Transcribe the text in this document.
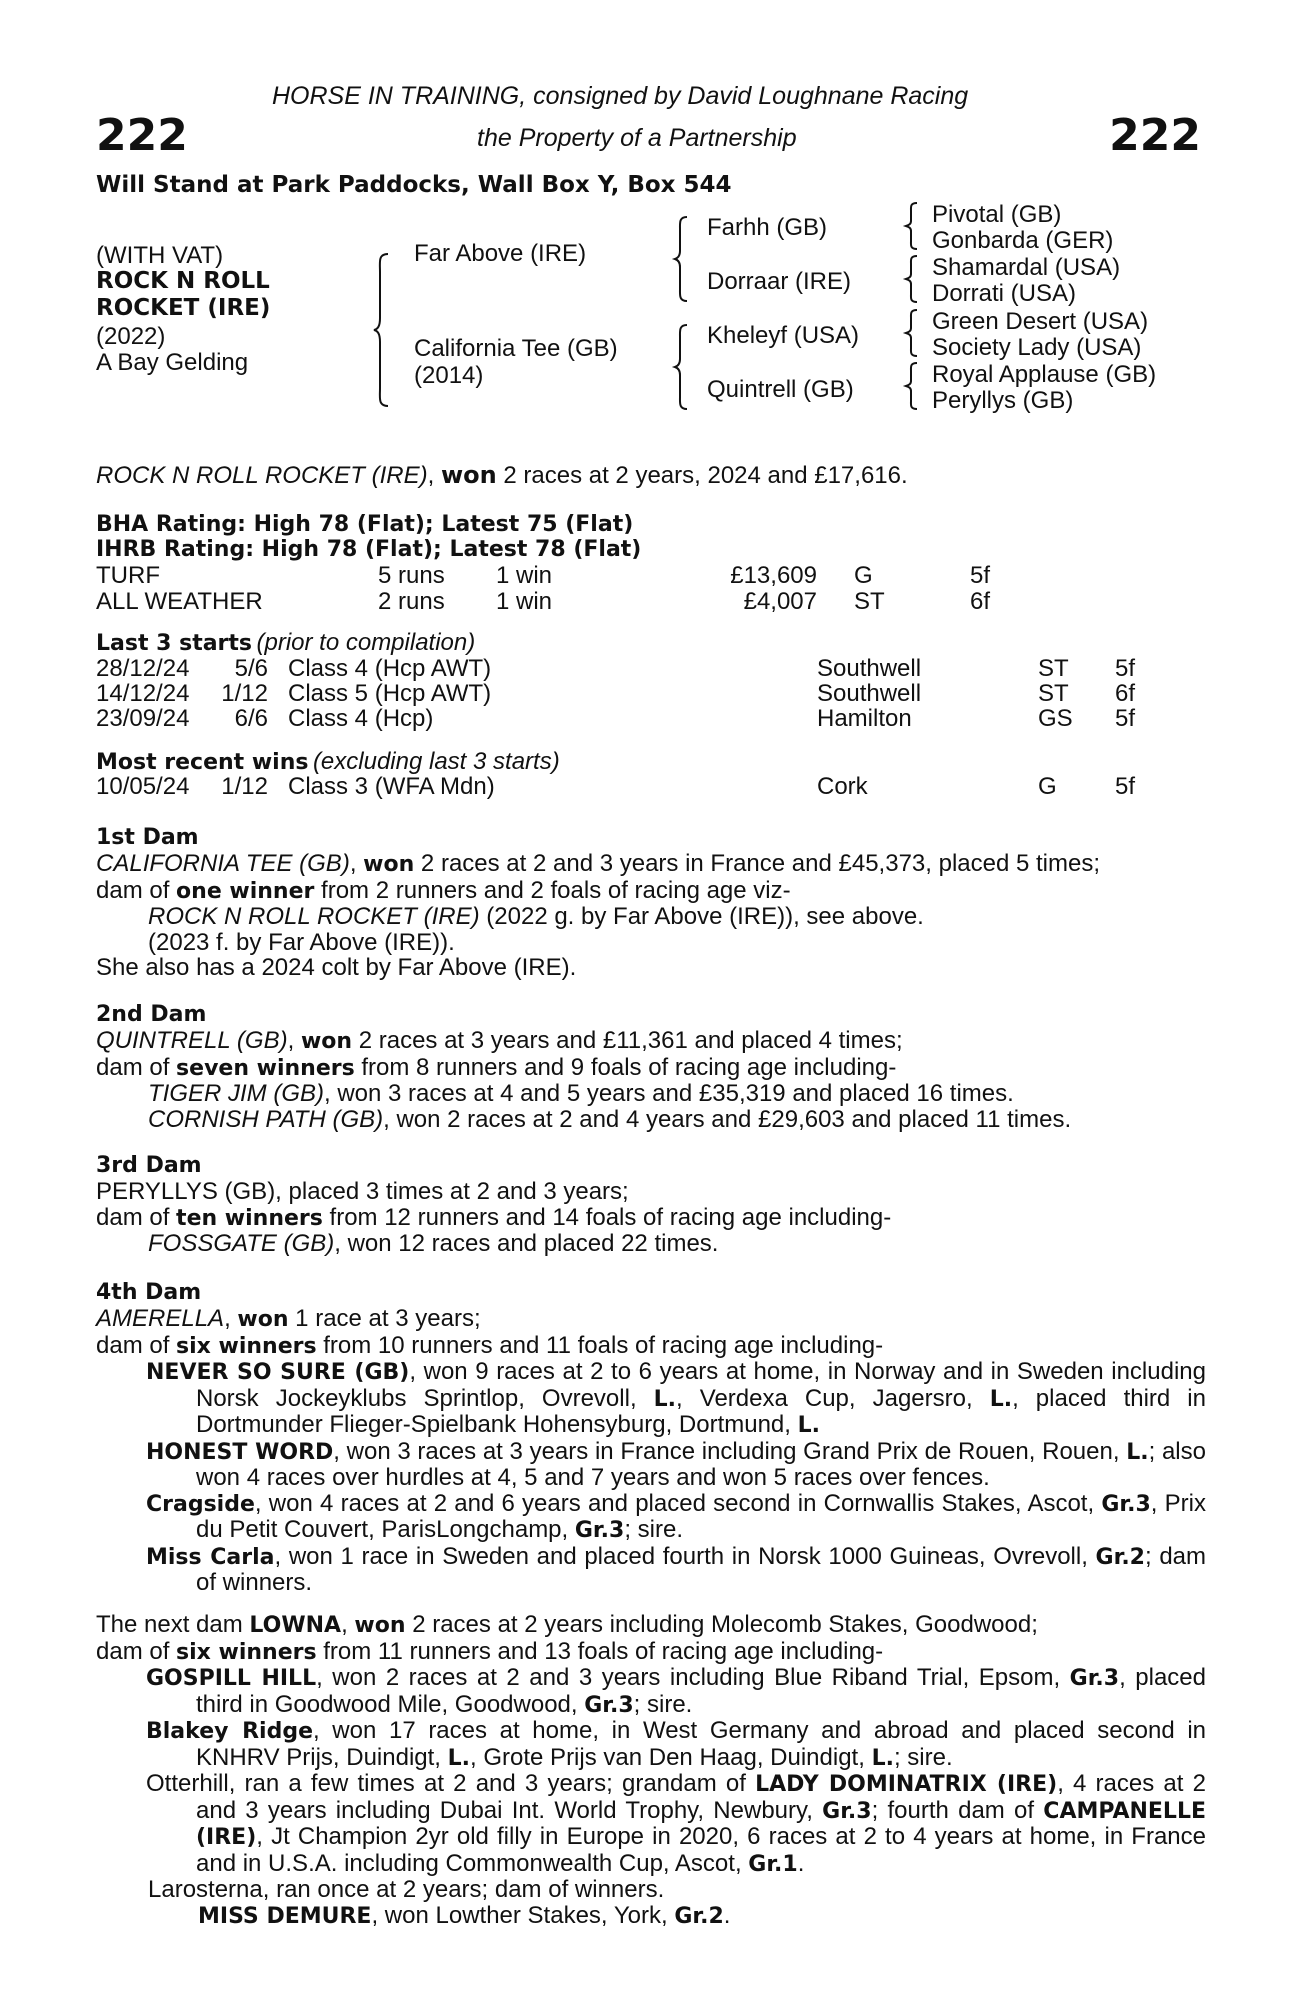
222	222
HORSE IN TRAINING, consigned by David Loughnane Racing
the Property of a Partnership
Will Stand at Park Paddocks, Wall Box Y, Box 544
(WITH VAT)
ROCK N ROLL
ROCKET (IRE)
(2022)
A Bay Gelding
Far Above (IRE)
California Tee (GB)
(2014)
Farhh (GB)
Dorraar (IRE)
Kheleyf (USA)
Quintrell (GB)
Pivotal (GB)
Gonbarda (GER)
Shamardal (USA)
Dorrati (USA)
Green Desert (USA)
Society Lady (USA)
Royal Applause (GB)
Peryllys (GB)
ROCK N ROLL ROCKET (IRE), won 2 races at 2 years, 2024 and £17,616.
BHA Rating: High 78 (Flat); Latest 75 (Flat)
IHRB Rating: High 78 (Flat); Latest 78 (Flat)
TURF	5 runs 1 win	£13,609 G	5f
ALL WEATHER	2 runs 1 win	£4,007 ST	6f
Last 3 starts (prior to compilation)
28/12/24 5/6 Class 4 (Hcp AWT)	Southwell	ST 5f
14/12/24 1/12 Class 5 (Hcp AWT)	Southwell	ST 6f
23/09/24 6/6 Class 4 (Hcp)	Hamilton	GS 5f
Most recent wins (excluding last 3 starts)
10/05/24 1/12 Class 3 (WFA Mdn)	Cork	G 5f

1st Dam

CALIFORNIA TEE (GB), won 2 races at 2 and 3 years in France and £45,373, placed 5 times;

dam of one winner from 2 runners and 2 foals of racing age viz-

ROCK N ROLL ROCKET (IRE) (2022 g. by Far Above (IRE)), see above.

(2023 f. by Far Above (IRE)).

She also has a 2024 colt by Far Above (IRE).

2nd Dam

QUINTRELL (GB), won 2 races at 3 years and £11,361 and placed 4 times;

dam of seven winners from 8 runners and 9 foals of racing age including-

TIGER JIM (GB), won 3 races at 4 and 5 years and £35,319 and placed 16 times.

CORNISH PATH (GB), won 2 races at 2 and 4 years and £29,603 and placed 11 times.

3rd Dam

PERYLLYS (GB), placed 3 times at 2 and 3 years;

dam of ten winners from 12 runners and 14 foals of racing age including-

FOSSGATE (GB), won 12 races and placed 22 times.

4th Dam

AMERELLA, won 1 race at 3 years;

dam of six winners from 10 runners and 11 foals of racing age including-

NEVER SO SURE (GB), won 9 races at 2 to 6 years at home, in Norway and in Sweden including Norsk Jockeyklubs Sprintlop, Ovrevoll, L., Verdexa Cup, Jagersro, L., placed third in Dortmunder Flieger-Spielbank Hohensyburg, Dortmund, L.

HONEST WORD, won 3 races at 3 years in France including Grand Prix de Rouen, Rouen, L.; also won 4 races over hurdles at 4, 5 and 7 years and won 5 races over fences.

Cragside, won 4 races at 2 and 6 years and placed second in Cornwallis Stakes, Ascot, Gr.3, Prix du Petit Couvert, ParisLongchamp, Gr.3; sire.

Miss Carla, won 1 race in Sweden and placed fourth in Norsk 1000 Guineas, Ovrevoll, Gr.2; dam of winners.

The next dam LOWNA, won 2 races at 2 years including Molecomb Stakes, Goodwood;

dam of six winners from 11 runners and 13 foals of racing age including-

GOSPILL HILL, won 2 races at 2 and 3 years including Blue Riband Trial, Epsom, Gr.3, placed third in Goodwood Mile, Goodwood, Gr.3; sire.

Blakey Ridge, won 17 races at home, in West Germany and abroad and placed second in KNHRV Prijs, Duindigt, L., Grote Prijs van Den Haag, Duindigt, L.; sire.

Otterhill, ran a few times at 2 and 3 years; grandam of LADY DOMINATRIX (IRE), 4 races at 2 and 3 years including Dubai Int. World Trophy, Newbury, Gr.3; fourth dam of CAMPANELLE (IRE), Jt Champion 2yr old filly in Europe in 2020, 6 races at 2 to 4 years at home, in France and in U.S.A. including Commonwealth Cup, Ascot, Gr.1.

Larosterna, ran once at 2 years; dam of winners.

MISS DEMURE, won Lowther Stakes, York, Gr.2.
